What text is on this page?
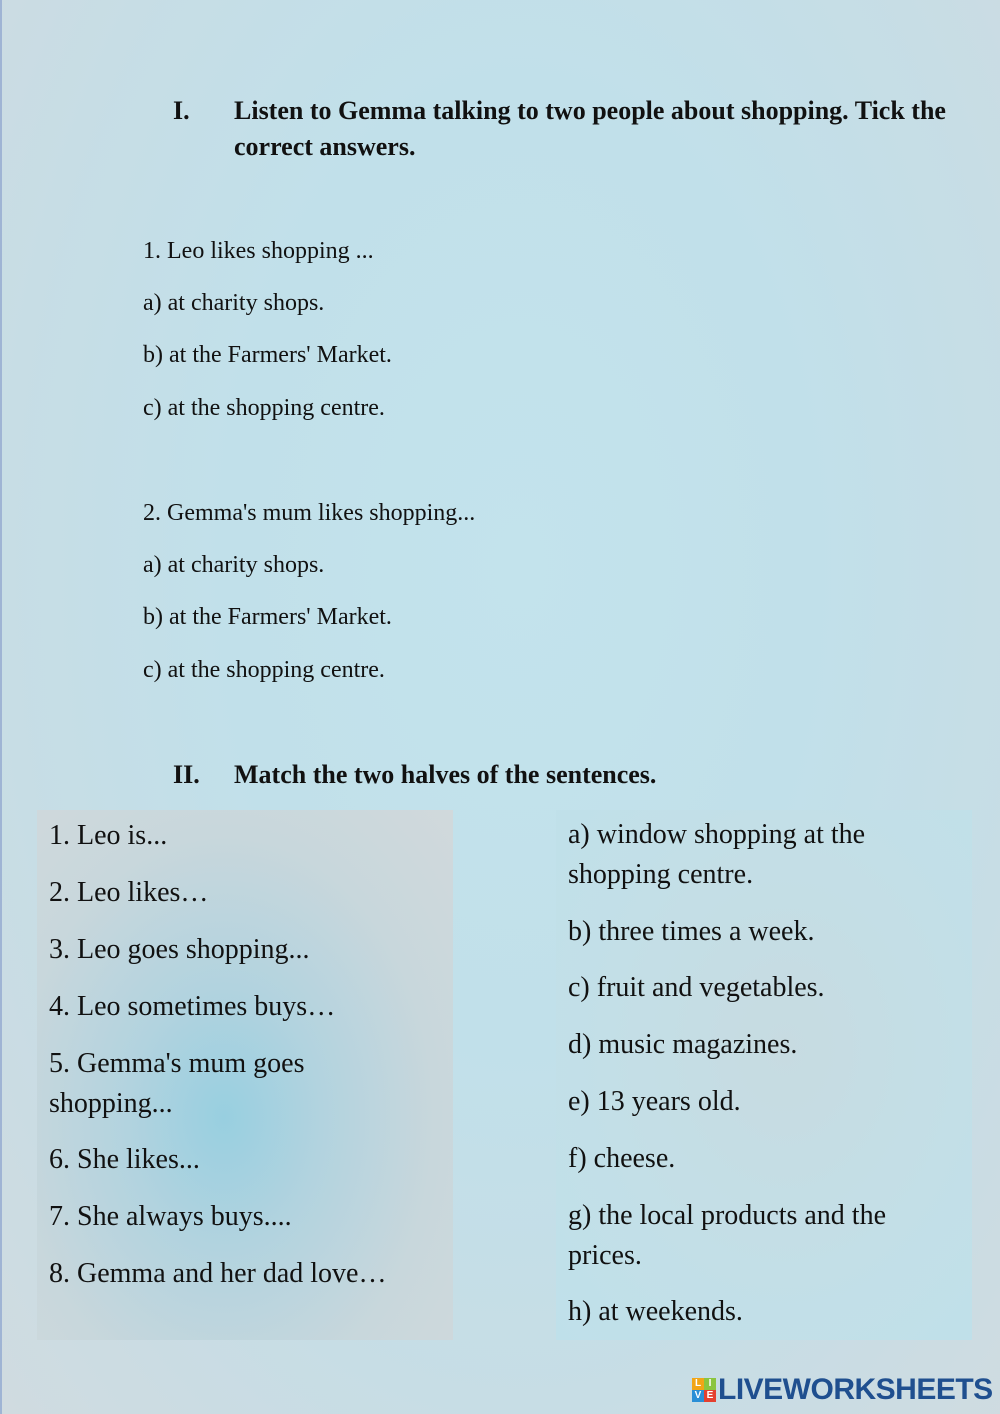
I. Listen to Gemma talking to two people about shopping. Tick the correct answers.
1. Leo likes shopping ...
a) at charity shops.
b) at the Farmers' Market.
c) at the shopping centre.
2. Gemma's mum likes shopping...
a) at charity shops.
b) at the Farmers' Market.
c) at the shopping centre.
II. Match the two halves of the sentences.
1. Leo is...
2. Leo likes…
3. Leo goes shopping...
4. Leo sometimes buys…
5. Gemma's mum goes shopping...
6. She likes...
7. She always buys....
8. Gemma and her dad love…
a) window shopping at the shopping centre.
b) three times a week.
c) fruit and vegetables.
d) music magazines.
e) 13 years old.
f) cheese.
g) the local products and the prices.
h) at weekends.
L I
V E LIVEWORKSHEETS
